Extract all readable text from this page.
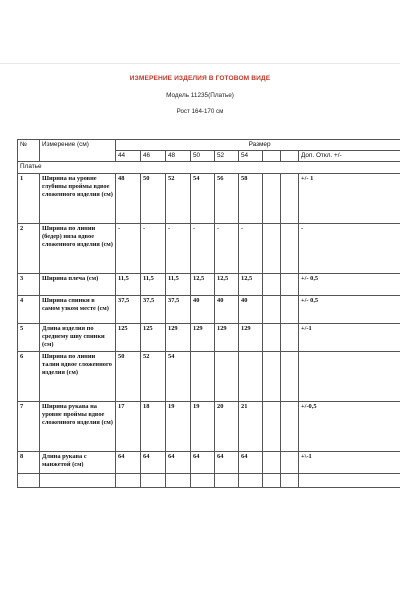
ИЗМЕРЕНИЕ ИЗДЕЛИЯ В ГОТОВОМ ВИДЕ
Модель 11235(Платье)
Рост 164-170 см
№	Измерение (см)	Размер								
		44	46	48	50	52	54			Доп. Откл. +/-
Платье										
1	Ширина на уровне глубины проймы вдвое сложенного изделия (см)	48	50	52	54	56	58			+/- 1
2	Ширина по линии (бедер) низа вдвое сложенного изделия (см)	-	-	-	-	-	-			-
3	Ширина плеча (см)	11,5	11,5	11,5	12,5	12,5	12,5			+/- 0,5
4	Ширина спинки в самом узком месте (см)	37,5	37,5	37,5	40	40	40			+/- 0,5
5	Длина изделия по среднему шву спинки (см)	125	125	129	129	129	129			+/-1
6	Ширина по линии талии вдвое сложенного изделия (см)	50	52	54						
7	Ширина рукава на уровне проймы вдвое сложенного изделия (см)	17	18	19	19	20	21			+/-0,5
8	Длина рукава с манжетой (см)	64	64	64	64	64	64			+\-1
